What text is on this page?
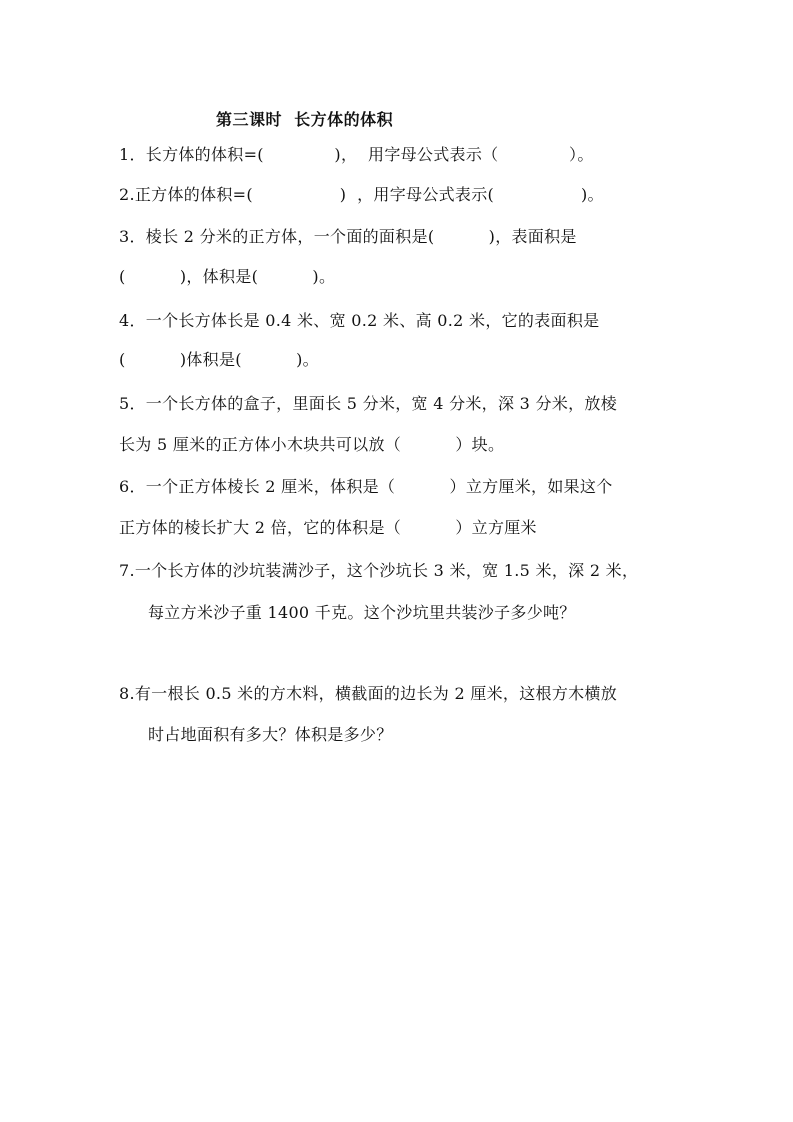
第三课时  长方体的体积
1．长方体的体积=(　　　　 )，  用字母公式表示（　　　　 ）。
2.正方体的体积=(　　　　　 )  ，用字母公式表示(　　　　　 )。
3．棱长 2 分米的正方体，一个面的面积是(　　　 )，表面积是
(　　　 )，体积是(　　　 )。
4．一个长方体长是 0.4 米、宽 0.2 米、高 0.2 米，它的表面积是
(　　　 )体积是(　　　 )。
5．一个长方体的盒子，里面长 5 分米，宽 4 分米，深 3 分米，放棱
长为 5 厘米的正方体小木块共可以放（　　　 ）块。
6．一个正方体棱长 2 厘米，体积是（　　　 ）立方厘米，如果这个
正方体的棱长扩大 2 倍，它的体积是（　　　 ）立方厘米
7.一个长方体的沙坑装满沙子，这个沙坑长 3 米，宽 1.5 米，深 2 米，
每立方米沙子重 1400 千克。这个沙坑里共装沙子多少吨？
8.有一根长 0.5 米的方木料，横截面的边长为 2 厘米，这根方木横放
时占地面积有多大？体积是多少？
